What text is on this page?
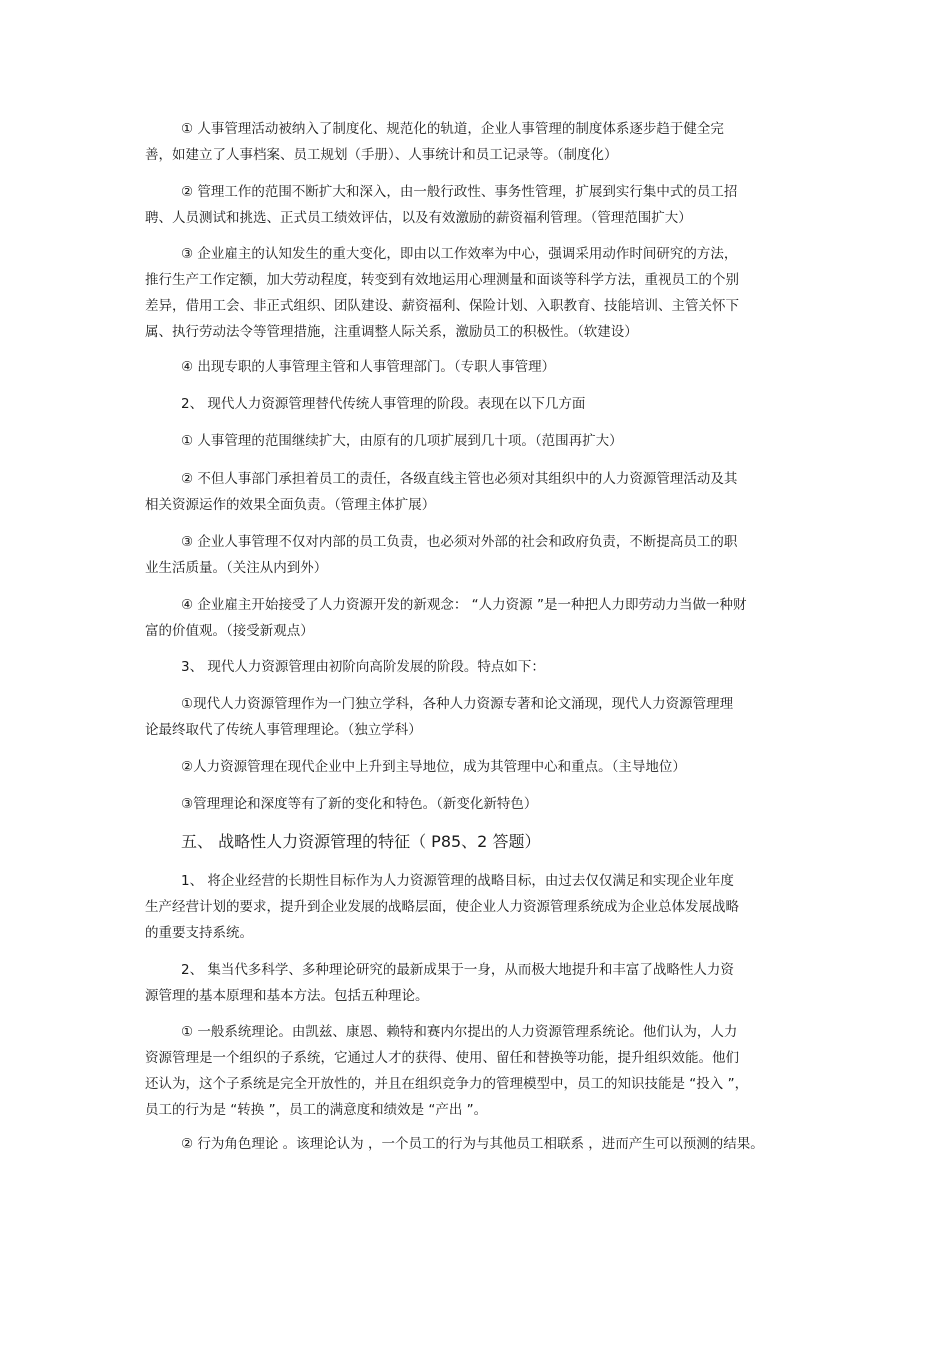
① 人事管理活动被纳入了制度化、规范化的轨道，企业人事管理的制度体系逐步趋于健全完
善，如建立了人事档案、员工规划（手册）、人事统计和员工记录等。（制度化）
② 管理工作的范围不断扩大和深入，由一般行政性、事务性管理，扩展到实行集中式的员工招
聘、人员测试和挑选、正式员工绩效评估，以及有效激励的薪资福利管理。（管理范围扩大）
③ 企业雇主的认知发生的重大变化，即由以工作效率为中心，强调采用动作时间研究的方法，
推行生产工作定额，加大劳动程度，转变到有效地运用心理测量和面谈等科学方法，重视员工的个别
差异，借用工会、非正式组织、团队建设、薪资福利、保险计划、入职教育、技能培训、主管关怀下
属、执行劳动法令等管理措施，注重调整人际关系，激励员工的积极性。（软建设）
④ 出现专职的人事管理主管和人事管理部门。（专职人事管理）
2、 现代人力资源管理替代传统人事管理的阶段。表现在以下几方面
① 人事管理的范围继续扩大，由原有的几项扩展到几十项。（范围再扩大）
② 不但人事部门承担着员工的责任，各级直线主管也必须对其组织中的人力资源管理活动及其
相关资源运作的效果全面负责。（管理主体扩展）
③ 企业人事管理不仅对内部的员工负责，也必须对外部的社会和政府负责，不断提高员工的职
业生活质量。（关注从内到外）
④ 企业雇主开始接受了人力资源开发的新观念： “人力资源 ”是一种把人力即劳动力当做一种财
富的价值观。（接受新观点）
3、 现代人力资源管理由初阶向高阶发展的阶段。特点如下：
①现代人力资源管理作为一门独立学科，各种人力资源专著和论文涌现，现代人力资源管理理
论最终取代了传统人事管理理论。（独立学科）
②人力资源管理在现代企业中上升到主导地位，成为其管理中心和重点。（主导地位）
③管理理论和深度等有了新的变化和特色。（新变化新特色）
五、 战略性人力资源管理的特征（ P85、2 答题）
1、 将企业经营的长期性目标作为人力资源管理的战略目标，由过去仅仅满足和实现企业年度
生产经营计划的要求，提升到企业发展的战略层面，使企业人力资源管理系统成为企业总体发展战略
的重要支持系统。
2、 集当代多科学、多种理论研究的最新成果于一身，从而极大地提升和丰富了战略性人力资
源管理的基本原理和基本方法。包括五种理论。
① 一般系统理论。由凯兹、康恩、赖特和赛内尔提出的人力资源管理系统论。他们认为，人力
资源管理是一个组织的子系统，它通过人才的获得、使用、留任和替换等功能，提升组织效能。他们
还认为，这个子系统是完全开放性的，并且在组织竞争力的管理模型中，员工的知识技能是 “投入 ”，
员工的行为是 “转换 ”，员工的满意度和绩效是 “产出 ”。
② 行为角色理论 。该理论认为 ，一个员工的行为与其他员工相联系 ，进而产生可以预测的结果。
